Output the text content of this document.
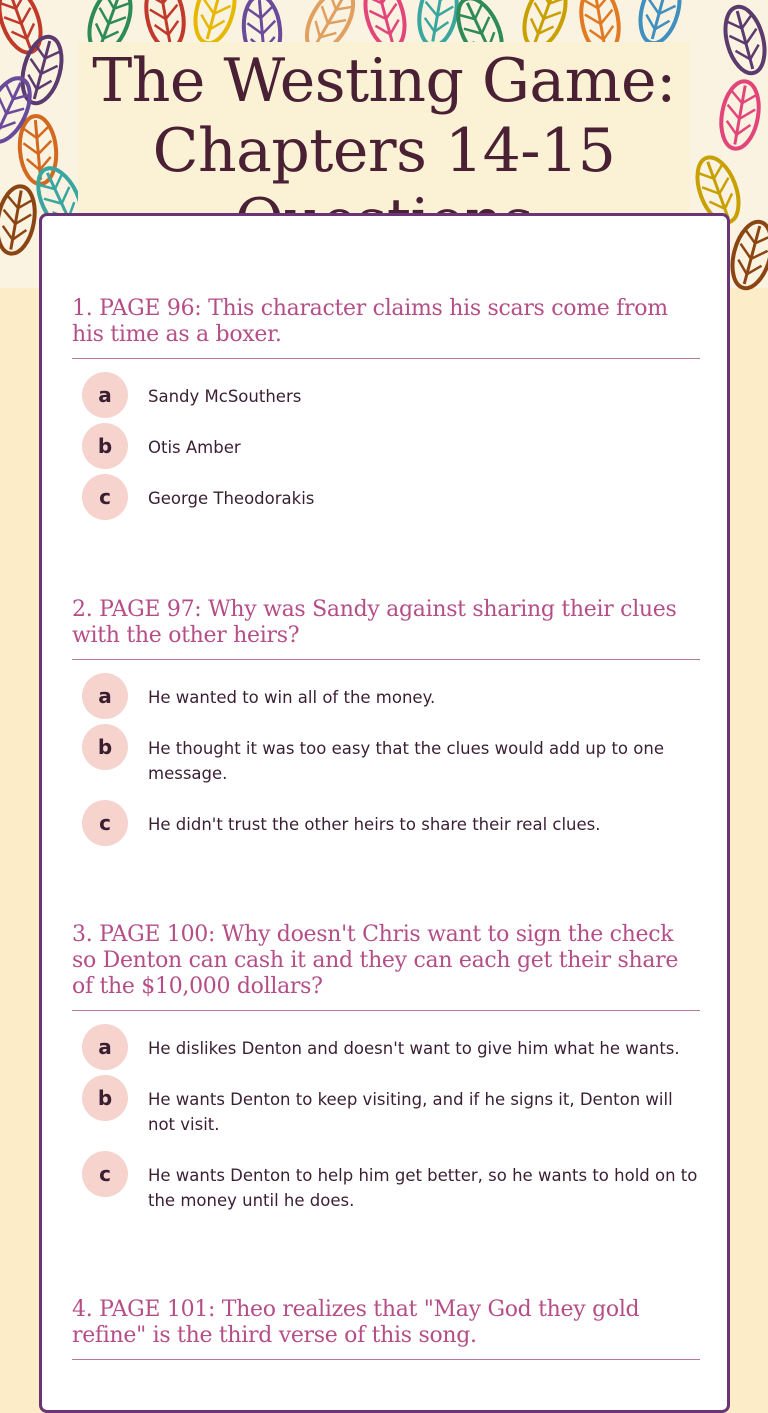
The Westing Game: Chapters 14-15
1. PAGE 96: This character claims his scars come from his time as a boxer.
a	Sandy McSouthers
b	Otis Amber
c	George Theodorakis
2. PAGE 97: Why was Sandy against sharing their clues with the other heirs?
a	He wanted to win all of the money.
b	He thought it was too easy that the clues would add up to one message.
c	He didn't trust the other heirs to share their real clues.
3. PAGE 100: Why doesn't Chris want to sign the check so Denton can cash it and they can each get their share of the $10,000 dollars?
a	He dislikes Denton and doesn't want to give him what he wants.
b	He wants Denton to keep visiting, and if he signs it, Denton will not visit.
c	He wants Denton to help him get better, so he wants to hold on to the money until he does.
4. PAGE 101: Theo realizes that "May God they gold refine" is the third verse of this song.
